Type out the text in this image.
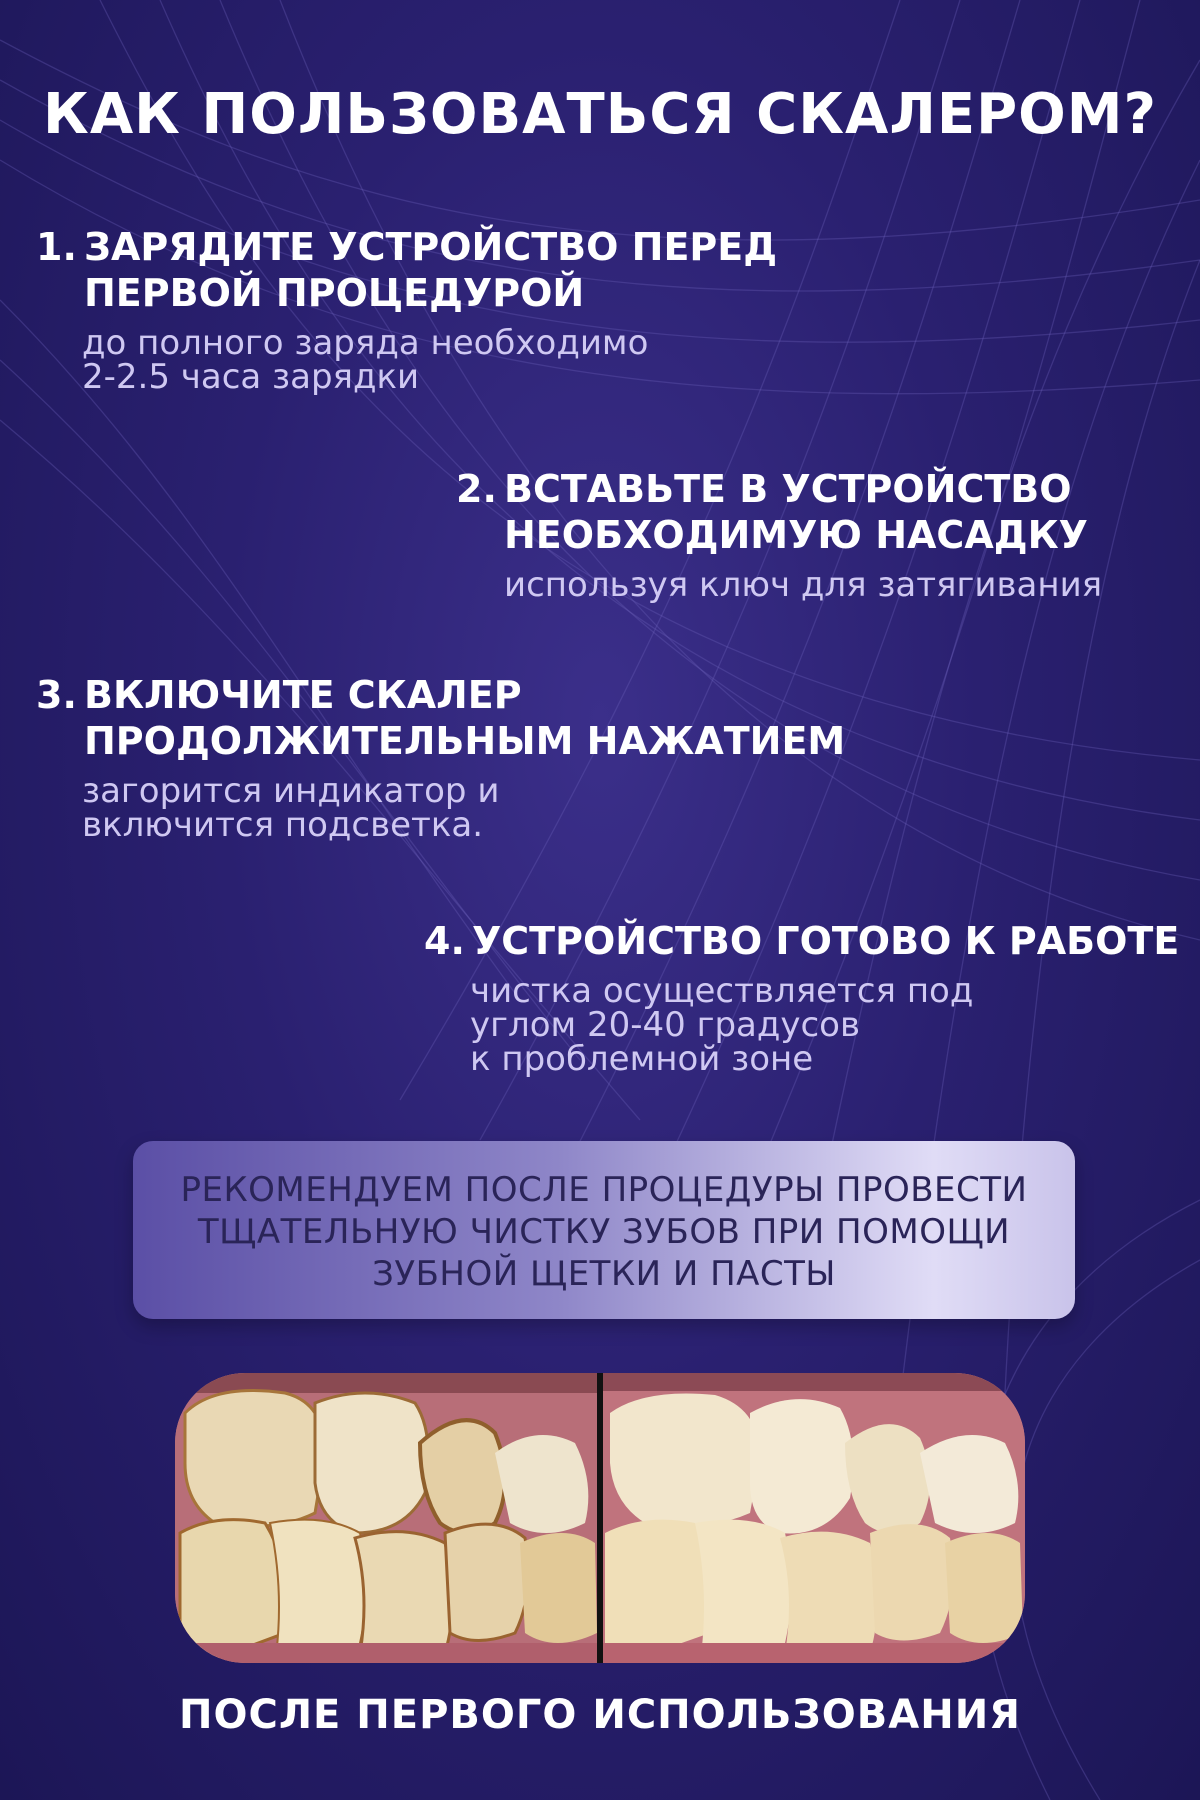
КАК ПОЛЬЗОВАТЬСЯ СКАЛЕРОМ?
1. ЗАРЯДИТЕ УСТРОЙСТВО ПЕРЕД
ПЕРВОЙ ПРОЦЕДУРОЙ
до полного заряда необходимо
2-2.5 часа зарядки
2. ВСТАВЬТЕ В УСТРОЙСТВО
НЕОБХОДИМУЮ НАСАДКУ
используя ключ для затягивания
3. ВКЛЮЧИТЕ СКАЛЕР
ПРОДОЛЖИТЕЛЬНЫМ НАЖАТИЕМ
загорится индикатор и
включится подсветка.
4. УСТРОЙСТВО ГОТОВО К РАБОТЕ
чистка осуществляется под
углом 20-40 градусов
к проблемной зоне
РЕКОМЕНДУЕМ ПОСЛЕ ПРОЦЕДУРЫ ПРОВЕСТИ
ТЩАТЕЛЬНУЮ ЧИСТКУ ЗУБОВ ПРИ ПОМОЩИ
ЗУБНОЙ ЩЕТКИ И ПАСТЫ
ПОСЛЕ ПЕРВОГО ИСПОЛЬЗОВАНИЯ
